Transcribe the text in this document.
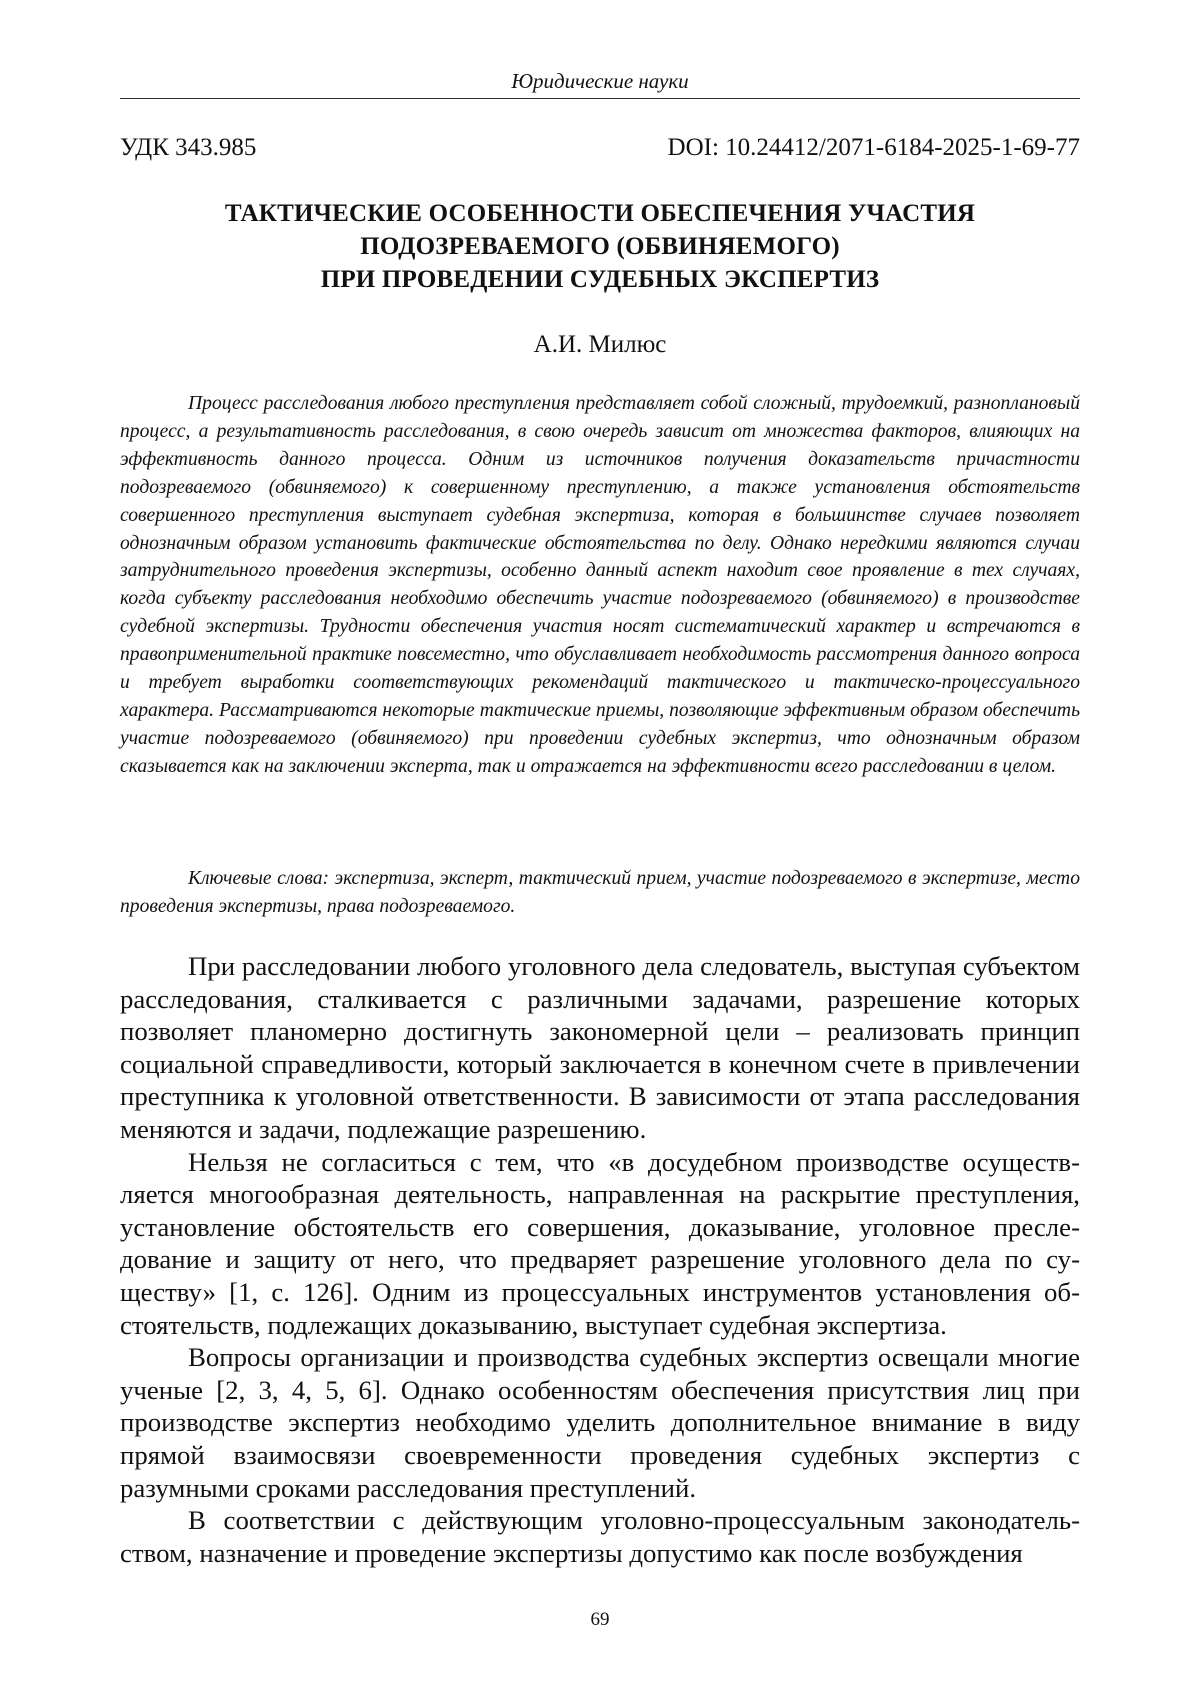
Юридические науки
УДК 343.985	DOI: 10.24412/2071-6184-2025-1-69-77
ТАКТИЧЕСКИЕ ОСОБЕННОСТИ ОБЕСПЕЧЕНИЯ УЧАСТИЯ
ПОДОЗРЕВАЕМОГО (ОБВИНЯЕМОГО)
ПРИ ПРОВЕДЕНИИ СУДЕБНЫХ ЭКСПЕРТИЗ
А.И. Милюс

Процесс расследования любого преступления представляет собой сложный, трудоемкий, разноплановый процесс, а результативность расследования, в свою очередь зависит от множества факторов, влияющих на эффективность данного процесса. Одним из источников получения доказательств причастности подозреваемого (обвиняемого) к совершенному преступлению, а также установления обстоятельств совершенного преступления выступает судебная экспертиза, которая в большинстве случаев позволяет однозначным образом установить фактические обстоятельства по делу. Однако нередкими являются случаи затруднительного проведения экспертизы, особенно данный аспект находит свое проявление в тех случаях, когда субъекту расследования необходимо обеспечить участие подозреваемого (обвиняемого) в производстве судебной экспертизы. Трудности обеспечения участия носят систематический характер и встречаются в правоприменительной практике повсеместно, что обуславливает необходимость рассмотрения данного вопроса и требует выработки соответствующих рекомендаций тактического и тактическо-процессуального характера. Рассматриваются некоторые тактические приемы, позволяющие эффективным образом обеспечить участие подозреваемого (обвиняемого) при проведении судебных экспертиз, что однозначным образом сказывается как на заключении эксперта, так и отражается на эффективности всего расследовании в целом.

Ключевые слова: экспертиза, эксперт, тактический прием, участие подозреваемого в экспертизе, место проведения экспертизы, права подозреваемого.

При расследовании любого уголовного дела следователь, выступая субъектом расследования, сталкивается с различными задачами, разрешение которых позволяет планомерно достигнуть закономерной цели – реализовать принцип социальной справедливости, который заключается в конечном счете в привлечении преступника к уголовной ответственности. В зависимости от этапа расследования меняются и задачи, подлежащие разрешению.

Нельзя не согласиться с тем, что «в досудебном производстве осуществляется многообразная деятельность, направленная на раскрытие преступления, установление обстоятельств его совершения, доказывание, уголовное преследование и защиту от него, что предваряет разрешение уголовного дела по существу» [1, с. 126]. Одним из процессуальных инструментов установления обстоятельств, подлежащих доказыванию, выступает судебная экспертиза.

Вопросы организации и производства судебных экспертиз освещали многие ученые [2, 3, 4, 5, 6]. Однако особенностям обеспечения присутствия лиц при производстве экспертиз необходимо уделить дополнительное внимание в виду прямой взаимосвязи своевременности проведения судебных экспертиз с разумными сроками расследования преступлений.

В соответствии с действующим уголовно-процессуальным законодательством, назначение и проведение экспертизы допустимо как после возбуждения

69
